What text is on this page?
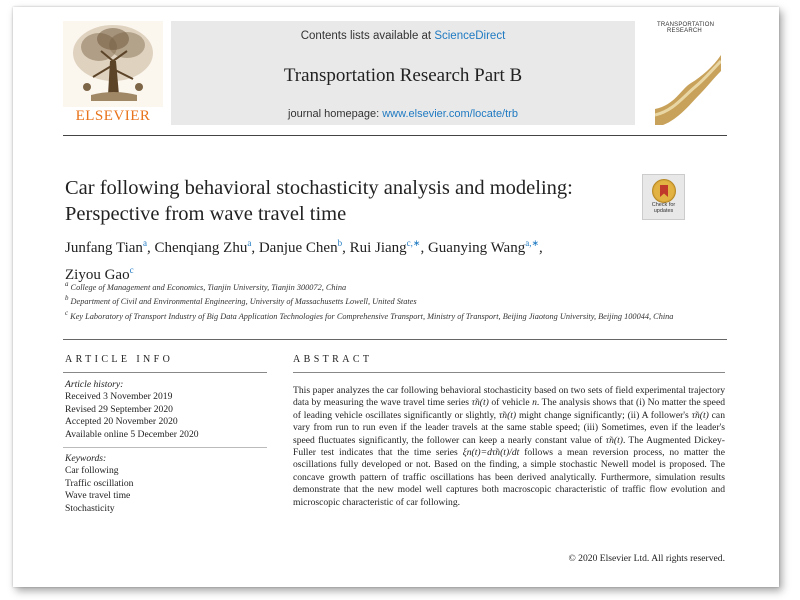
ELSEVIER
Contents lists available at ScienceDirect
Transportation Research Part B
journal homepage: www.elsevier.com/locate/trb
TRANSPORTATION
RESEARCH
Car following behavioral stochasticity analysis and modeling:
Perspective from wave travel time	Check for
updates
Junfang Tian$^a$, Chenqiang Zhu$^a$, Danjue Chen$^b$, Rui Jiang$^{c,∗}$, Guanying Wang$^{a,∗}$,
Ziyou Gao$^c$
$^a$ College of Management and Economics, Tianjin University, Tianjin 300072, China
$^b$ Department of Civil and Environmental Engineering, University of Massachusetts Lowell, United States
$^c$ Key Laboratory of Transport Industry of Big Data Application Technologies for Comprehensive Transport, Ministry of Transport, Beijing Jiaotong University, Beijing 100044, China
ARTICLE INFO
Article history:
Received 3 November 2019
Revised 29 September 2020
Accepted 20 November 2020
Available online 5 December 2020
Keywords:
Car following
Traffic oscillation
Wave travel time
Stochasticity
ABSTRACT
This paper analyzes the car following behavioral stochasticity based on two sets of field experimental trajectory data by measuring the wave travel time series τ̃n(t) of vehicle n. The analysis shows that (i) No matter the speed of leading vehicle oscillates significantly or slightly, τ̃n(t) might change significantly; (ii) A follower's τ̃n(t) can vary from run to run even if the leader travels at the same stable speed; (iii) Sometimes, even if the leader's speed fluctuates significantly, the follower can keep a nearly constant value of τ̃n(t). The Augmented Dickey-Fuller test indicates that the time series ξn(t)=dτ̃n(t)/dt follows a mean reversion process, no matter the oscillations fully developed or not. Based on the finding, a simple stochastic Newell model is proposed. The concave growth pattern of traffic oscillations has been derived analytically. Furthermore, simulation results demonstrate that the new model well captures both macroscopic characteristic of traffic flow evolution and microscopic characteristic of car following.
© 2020 Elsevier Ltd. All rights reserved.
